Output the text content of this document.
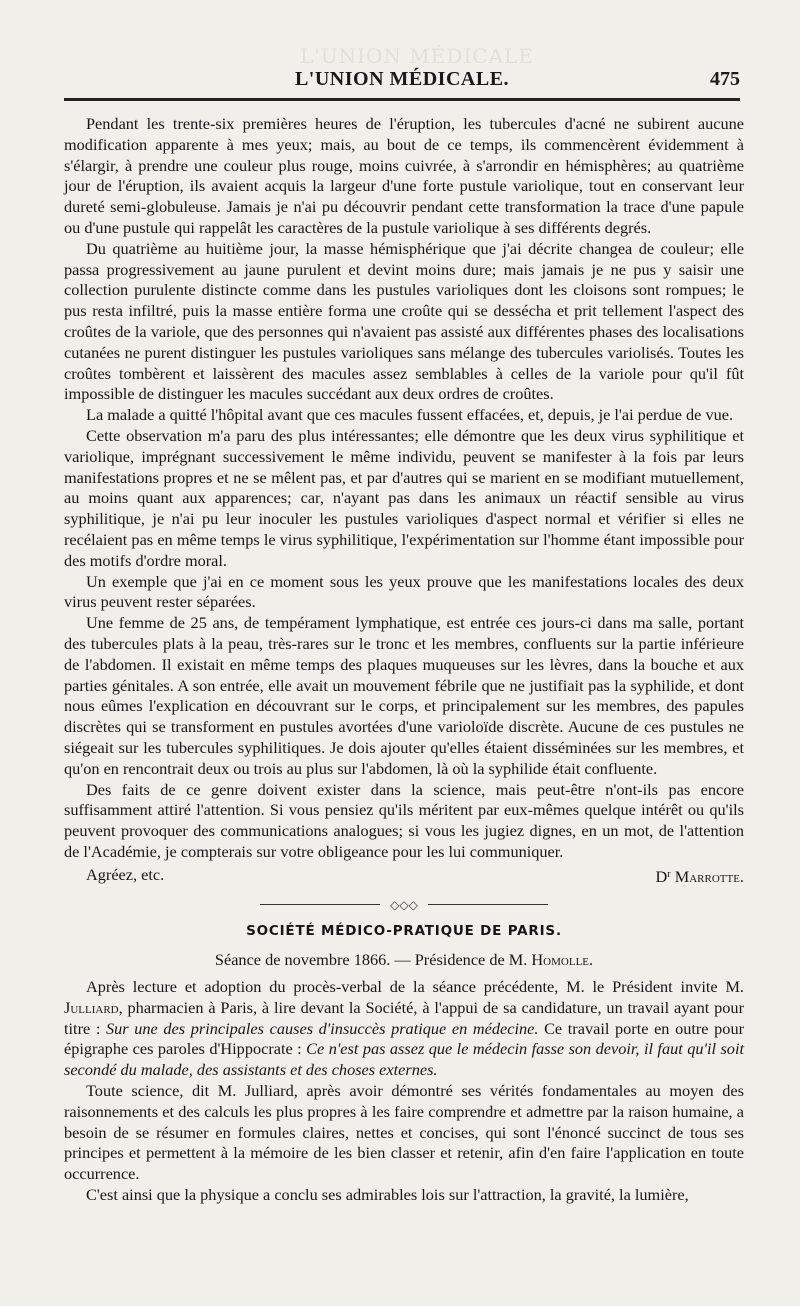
L'UNION MÉDICALE
L'UNION MÉDICALE.	475

Pendant les trente-six premières heures de l'éruption, les tubercules d'acné ne subirent aucune modification apparente à mes yeux; mais, au bout de ce temps, ils commencèrent évidemment à s'élargir, à prendre une couleur plus rouge, moins cuivrée, à s'arrondir en hémisphères; au quatrième jour de l'éruption, ils avaient acquis la largeur d'une forte pustule variolique, tout en conservant leur dureté semi-globuleuse. Jamais je n'ai pu découvrir pendant cette transformation la trace d'une papule ou d'une pustule qui rappelât les caractères de la pustule variolique à ses différents degrés.

Du quatrième au huitième jour, la masse hémisphérique que j'ai décrite changea de couleur; elle passa progressivement au jaune purulent et devint moins dure; mais jamais je ne pus y saisir une collection purulente distincte comme dans les pustules varioliques dont les cloisons sont rompues; le pus resta infiltré, puis la masse entière forma une croûte qui se dessécha et prit tellement l'aspect des croûtes de la variole, que des personnes qui n'avaient pas assisté aux différentes phases des localisations cutanées ne purent distinguer les pustules varioliques sans mélange des tubercules variolisés. Toutes les croûtes tombèrent et laissèrent des macules assez semblables à celles de la variole pour qu'il fût impossible de distinguer les macules succédant aux deux ordres de croûtes.

La malade a quitté l'hôpital avant que ces macules fussent effacées, et, depuis, je l'ai perdue de vue.

Cette observation m'a paru des plus intéressantes; elle démontre que les deux virus syphilitique et variolique, imprégnant successivement le même individu, peuvent se manifester à la fois par leurs manifestations propres et ne se mêlent pas, et par d'autres qui se marient en se modifiant mutuellement, au moins quant aux apparences; car, n'ayant pas dans les animaux un réactif sensible au virus syphilitique, je n'ai pu leur inoculer les pustules varioliques d'aspect normal et vérifier si elles ne recélaient pas en même temps le virus syphilitique, l'expérimentation sur l'homme étant impossible pour des motifs d'ordre moral.

Un exemple que j'ai en ce moment sous les yeux prouve que les manifestations locales des deux virus peuvent rester séparées.

Une femme de 25 ans, de tempérament lymphatique, est entrée ces jours-ci dans ma salle, portant des tubercules plats à la peau, très-rares sur le tronc et les membres, confluents sur la partie inférieure de l'abdomen. Il existait en même temps des plaques muqueuses sur les lèvres, dans la bouche et aux parties génitales. A son entrée, elle avait un mouvement fébrile que ne justifiait pas la syphilide, et dont nous eûmes l'explication en découvrant sur le corps, et principalement sur les membres, des papules discrètes qui se transforment en pustules avortées d'une varioloïde discrète. Aucune de ces pustules ne siégeait sur les tubercules syphilitiques. Je dois ajouter qu'elles étaient disséminées sur les membres, et qu'on en rencontrait deux ou trois au plus sur l'abdomen, là où la syphilide était confluente.

Des faits de ce genre doivent exister dans la science, mais peut-être n'ont-ils pas encore suffisamment attiré l'attention. Si vous pensiez qu'ils méritent par eux-mêmes quelque intérêt ou qu'ils peuvent provoquer des communications analogues; si vous les jugiez dignes, en un mot, de l'attention de l'Académie, je compterais sur votre obligeance pour les lui communiquer.

Agréez, etc.	$D^r$ Marrotte.
◇◇◇
SOCIÉTÉ MÉDICO-PRATIQUE DE PARIS.
Séance de novembre 1866. — Présidence de M. Homolle.

Après lecture et adoption du procès-verbal de la séance précédente, M. le Président invite M. Julliard, pharmacien à Paris, à lire devant la Société, à l'appui de sa candidature, un travail ayant pour titre : Sur une des principales causes d'insuccès pratique en médecine. Ce travail porte en outre pour épigraphe ces paroles d'Hippocrate : Ce n'est pas assez que le médecin fasse son devoir, il faut qu'il soit secondé du malade, des assistants et des choses externes.

Toute science, dit M. Julliard, après avoir démontré ses vérités fondamentales au moyen des raisonnements et des calculs les plus propres à les faire comprendre et admettre par la raison humaine, a besoin de se résumer en formules claires, nettes et concises, qui sont l'énoncé succinct de tous ses principes et permettent à la mémoire de les bien classer et retenir, afin d'en faire l'application en toute occurrence.

C'est ainsi que la physique a conclu ses admirables lois sur l'attraction, la gravité, la lumière,
